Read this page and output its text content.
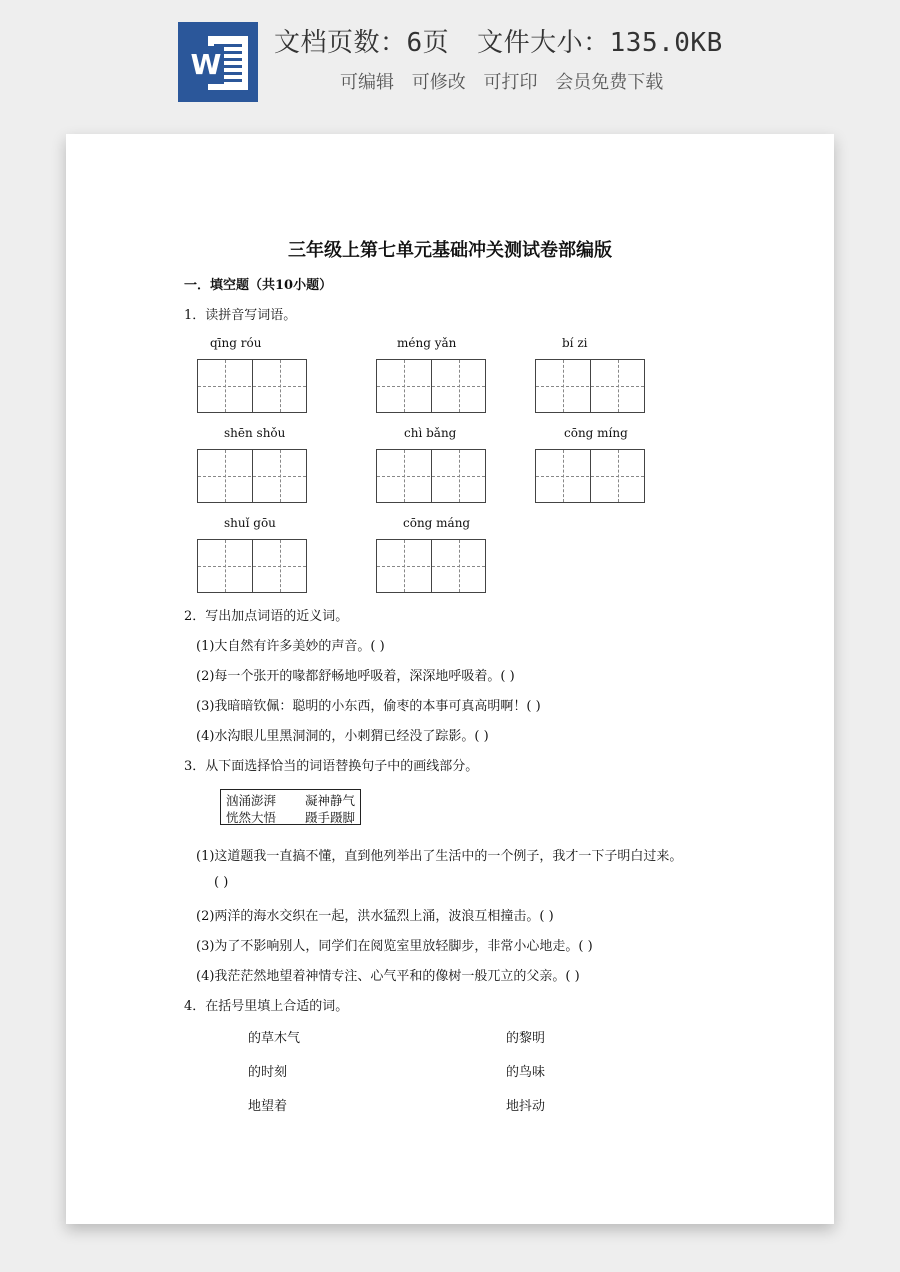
W
文档页数：6页 文件大小：135.0KB
可编辑 可修改 可打印 会员免费下载
三年级上第七单元基础冲关测试卷部编版
一．填空题（共10小题）
1．读拼音写词语。
qīng róu	méng yǎn	bí zi
shēn shǒu	chì bǎng	cōng míng
shuǐ gōu	cōng máng
2．写出加点词语的近义词。
(1)大自然有许多美妙的声音。( )
(2)每一个张开的喙都舒畅地呼吸着，深深地呼吸着。( )
(3)我暗暗钦佩：聪明的小东西，偷枣的本事可真高明啊！( )
(4)水沟眼儿里黑洞洞的，小刺猬已经没了踪影。( )
3．从下面选择恰当的词语替换句子中的画线部分。
汹涌澎湃 凝神静气
恍然大悟 蹑手蹑脚
(1)这道题我一直搞不懂，直到他列举出了生活中的一个例子，我才一下子明白过来。
( )
(2)两洋的海水交织在一起，洪水猛烈上涌，波浪互相撞击。( )
(3)为了不影响别人，同学们在阅览室里放轻脚步，非常小心地走。( )
(4)我茫茫然地望着神情专注、心气平和的像树一般兀立的父亲。( )
4．在括号里填上合适的词。
的草木气	的黎明
的时刻	的鸟味
地望着	地抖动
